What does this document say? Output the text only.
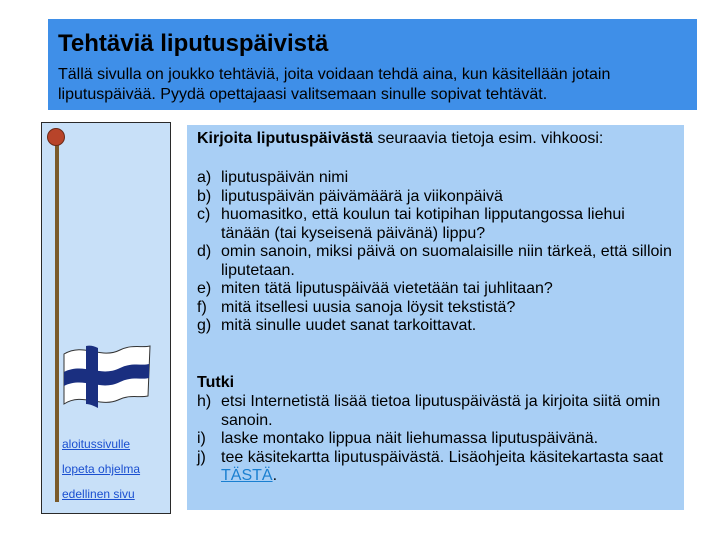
Tehtäviä liputuspäivistä
Tällä sivulla on joukko tehtäviä, joita voidaan tehdä aina, kun käsitellään jotain liputuspäivää. Pyydä opettajaasi valitsemaan sinulle sopivat tehtävät.
aloitussivulle
lopeta ohjelma
edellinen sivu
Kirjoita liputuspäivästä seuraavia tietoja esim. vihkoosi:
a) liputuspäivän nimi
b) liputuspäivän päivämäärä ja viikonpäivä
c) huomasitko, että koulun tai kotipihan lipputangossa liehui tänään (tai kyseisenä päivänä) lippu?
d) omin sanoin, miksi päivä on suomalaisille niin tärkeä, että silloin liputetaan.
e) miten tätä liputuspäivää vietetään tai juhlitaan?
f) mitä itsellesi uusia sanoja löysit tekstistä?
g) mitä sinulle uudet sanat tarkoittavat.
Tutki
h) etsi Internetistä lisää tietoa liputuspäivästä ja kirjoita siitä omin sanoin.
i) laske montako lippua näit liehumassa liputuspäivänä.
j) tee käsitekartta liputuspäivästä. Lisäohjeita käsitekartasta saat TÄSTÄ.
